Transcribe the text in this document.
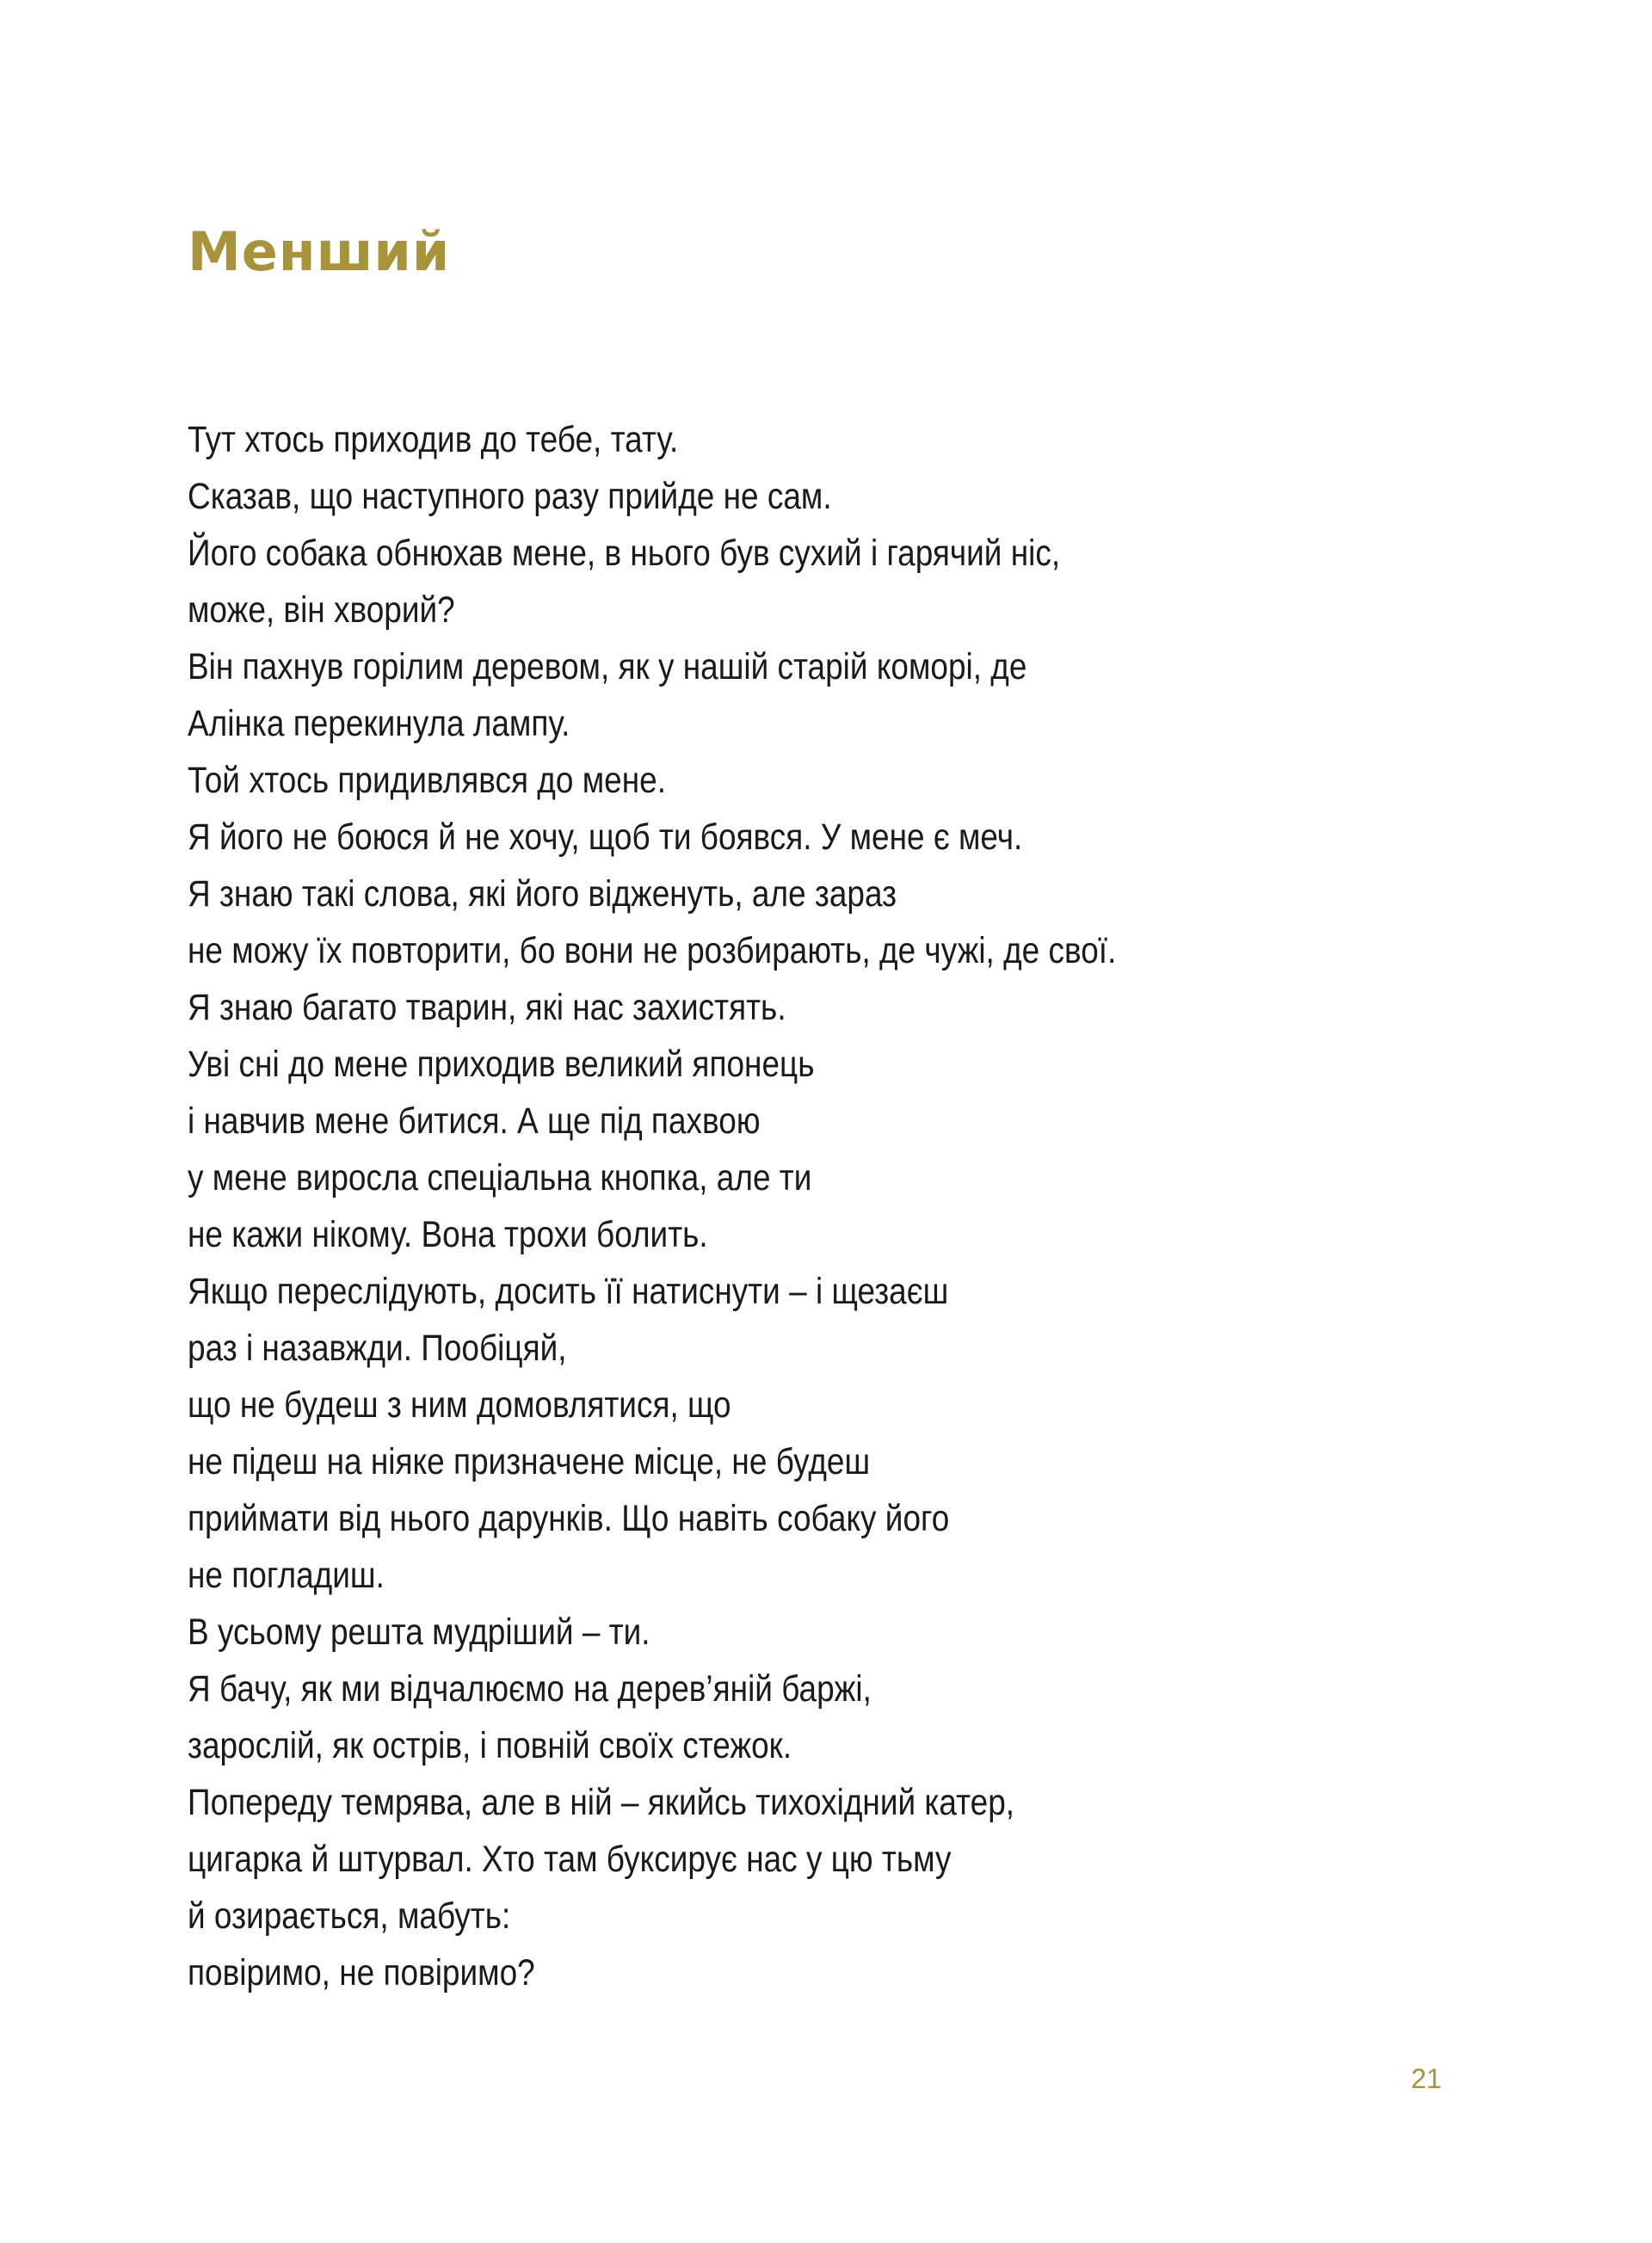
Менший
Тут хтось приходив до тебе, тату.
Сказав, що наступного разу прийде не сам.
Його собака обнюхав мене, в нього був сухий і гарячий ніс,
може, він хворий?
Він пахнув горілим деревом, як у нашій старій коморі, де
Алінка перекинула лампу.
Той хтось придивлявся до мене.
Я його не боюся й не хочу, щоб ти боявся. У мене є меч.
Я знаю такі слова, які його відженуть, але зараз
не можу їх повторити, бо вони не розбирають, де чужі, де свої.
Я знаю багато тварин, які нас захистять.
Уві сні до мене приходив великий японець
і навчив мене битися. А ще під пахвою
у мене виросла спеціальна кнопка, але ти
не кажи нікому. Вона трохи болить.
Якщо переслідують, досить її натиснути – і щезаєш
раз і назавжди. Пообіцяй,
що не будеш з ним домовлятися, що
не підеш на ніяке призначене місце, не будеш
приймати від нього дарунків. Що навіть собаку його
не погладиш.
В усьому решта мудріший – ти.
Я бачу, як ми відчалюємо на дерев’яній баржі,
зарослій, як острів, і повній своїх стежок.
Попереду темрява, але в ній – якийсь тихохідний катер,
цигарка й штурвал. Хто там буксирує нас у цю тьму
й озирається, мабуть:
повіримо, не повіримо?
21
